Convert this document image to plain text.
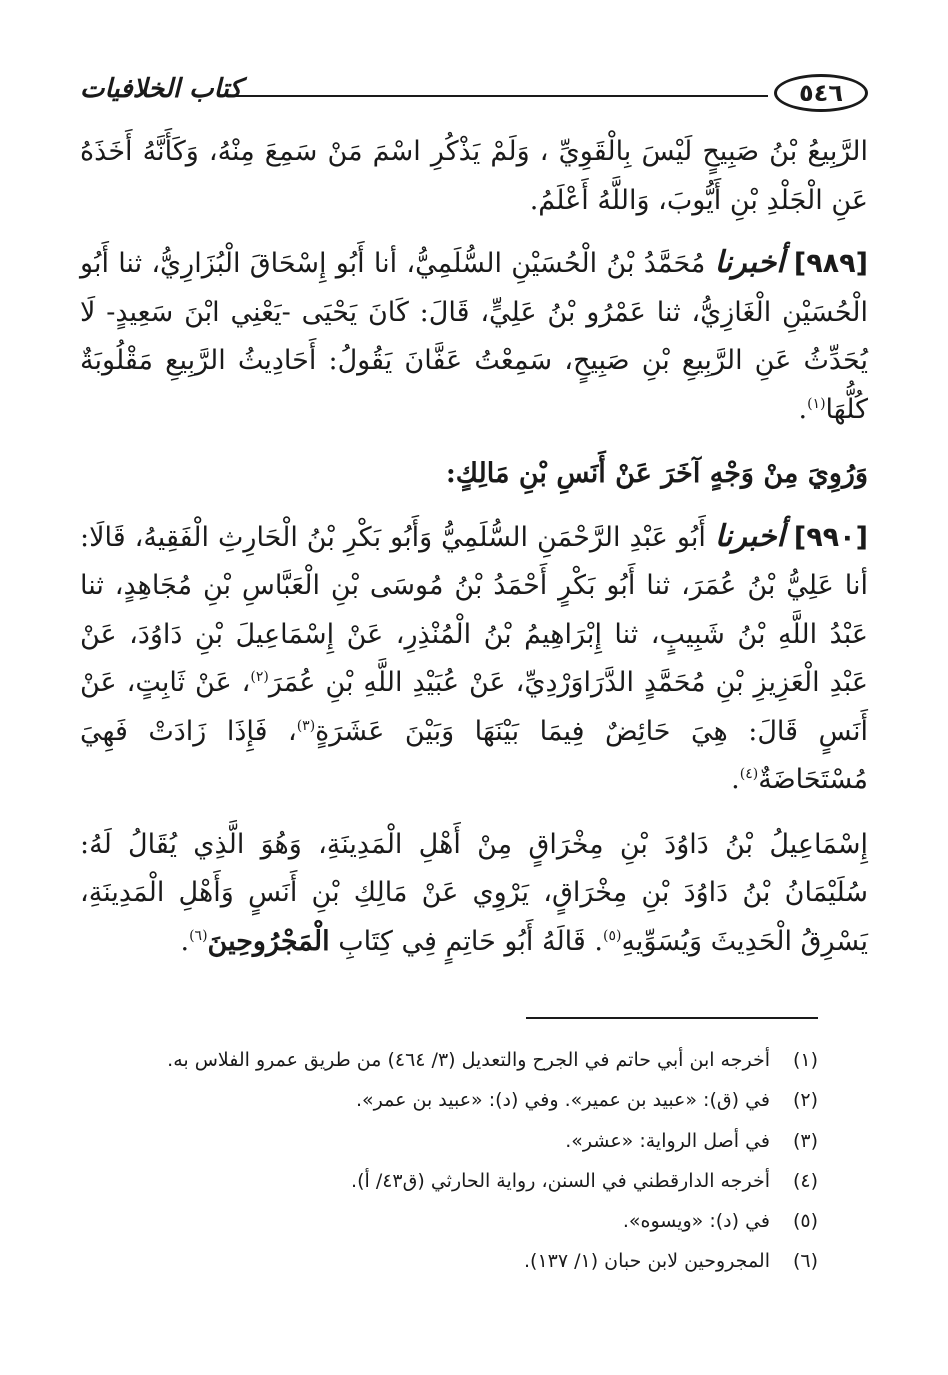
٥٤٦
كتاب الخلافيات

الرَّبِيعُ بْنُ صَبِيحٍ لَيْسَ بِالْقَوِيِّ ، وَلَمْ يَذْكُرِ اسْمَ مَنْ سَمِعَ مِنْهُ، وَكَأَنَّهُ أَخَذَهُ عَنِ الْجَلْدِ بْنِ أَيُّوبَ، وَاللَّهُ أَعْلَمُ.

[٩٨٩] أخبرنا مُحَمَّدُ بْنُ الْحُسَيْنِ السُّلَمِيُّ، أنا أَبُو إِسْحَاقَ الْبُزَارِيُّ، ثنا أَبُو الْحُسَيْنِ الْغَازِيُّ، ثنا عَمْرُو بْنُ عَلِيٍّ، قَالَ: كَانَ يَحْيَى -يَعْنِي ابْنَ سَعِيدٍ- لَا يُحَدِّثُ عَنِ الرَّبِيعِ بْنِ صَبِيحٍ، سَمِعْتُ عَفَّانَ يَقُولُ: أَحَادِيثُ الرَّبِيعِ مَقْلُوبَةٌ كُلُّهَا$^{(١)}$.

وَرُوِيَ مِنْ وَجْهٍ آخَرَ عَنْ أَنَسِ بْنِ مَالِكٍ:

[٩٩٠] أخبرنا أَبُو عَبْدِ الرَّحْمَنِ السُّلَمِيُّ وَأَبُو بَكْرِ بْنُ الْحَارِثِ الْفَقِيهُ، قَالَا: أنا عَلِيُّ بْنُ عُمَرَ، ثنا أَبُو بَكْرٍ أَحْمَدُ بْنُ مُوسَى بْنِ الْعَبَّاسِ بْنِ مُجَاهِدٍ، ثنا عَبْدُ اللَّهِ بْنُ شَبِيبٍ، ثنا إِبْرَاهِيمُ بْنُ الْمُنْذِرِ، عَنْ إِسْمَاعِيلَ بْنِ دَاوُدَ، عَنْ عَبْدِ الْعَزِيزِ بْنِ مُحَمَّدٍ الدَّرَاوَرْدِيِّ، عَنْ عُبَيْدِ اللَّهِ بْنِ عُمَرَ$^{(٢)}$، عَنْ ثَابِتٍ، عَنْ أَنَسٍ قَالَ: هِيَ حَائِضٌ فِيمَا بَيْنَهَا وَبَيْنَ عَشَرَةٍ$^{(٣)}$، فَإِذَا زَادَتْ فَهِيَ مُسْتَحَاضَةٌ$^{(٤)}$.

إِسْمَاعِيلُ بْنُ دَاوُدَ بْنِ مِخْرَاقٍ مِنْ أَهْلِ الْمَدِينَةِ، وَهُوَ الَّذِي يُقَالُ لَهُ: سُلَيْمَانُ بْنُ دَاوُدَ بْنِ مِخْرَاقٍ، يَرْوِي عَنْ مَالِكِ بْنِ أَنَسٍ وَأَهْلِ الْمَدِينَةِ، يَسْرِقُ الْحَدِيثَ وَيُسَوِّيهِ$^{(٥)}$. قَالَهُ أَبُو حَاتِمٍ فِي كِتَابِ الْمَجْرُوحِينَ$^{(٦)}$.

(١)
أخرجه ابن أبي حاتم في الجرح والتعديل (٣/ ٤٦٤) من طريق عمرو الفلاس به.
(٢)
في (ق): «عبيد بن عمير». وفي (د): «عبيد بن عمر».
(٣)
في أصل الرواية: «عشر».
(٤)
أخرجه الدارقطني في السنن، رواية الحارثي (ق٤٣/ أ).
(٥)
في (د): «ويسوه».
(٦)
المجروحين لابن حبان (١/ ١٣٧).
